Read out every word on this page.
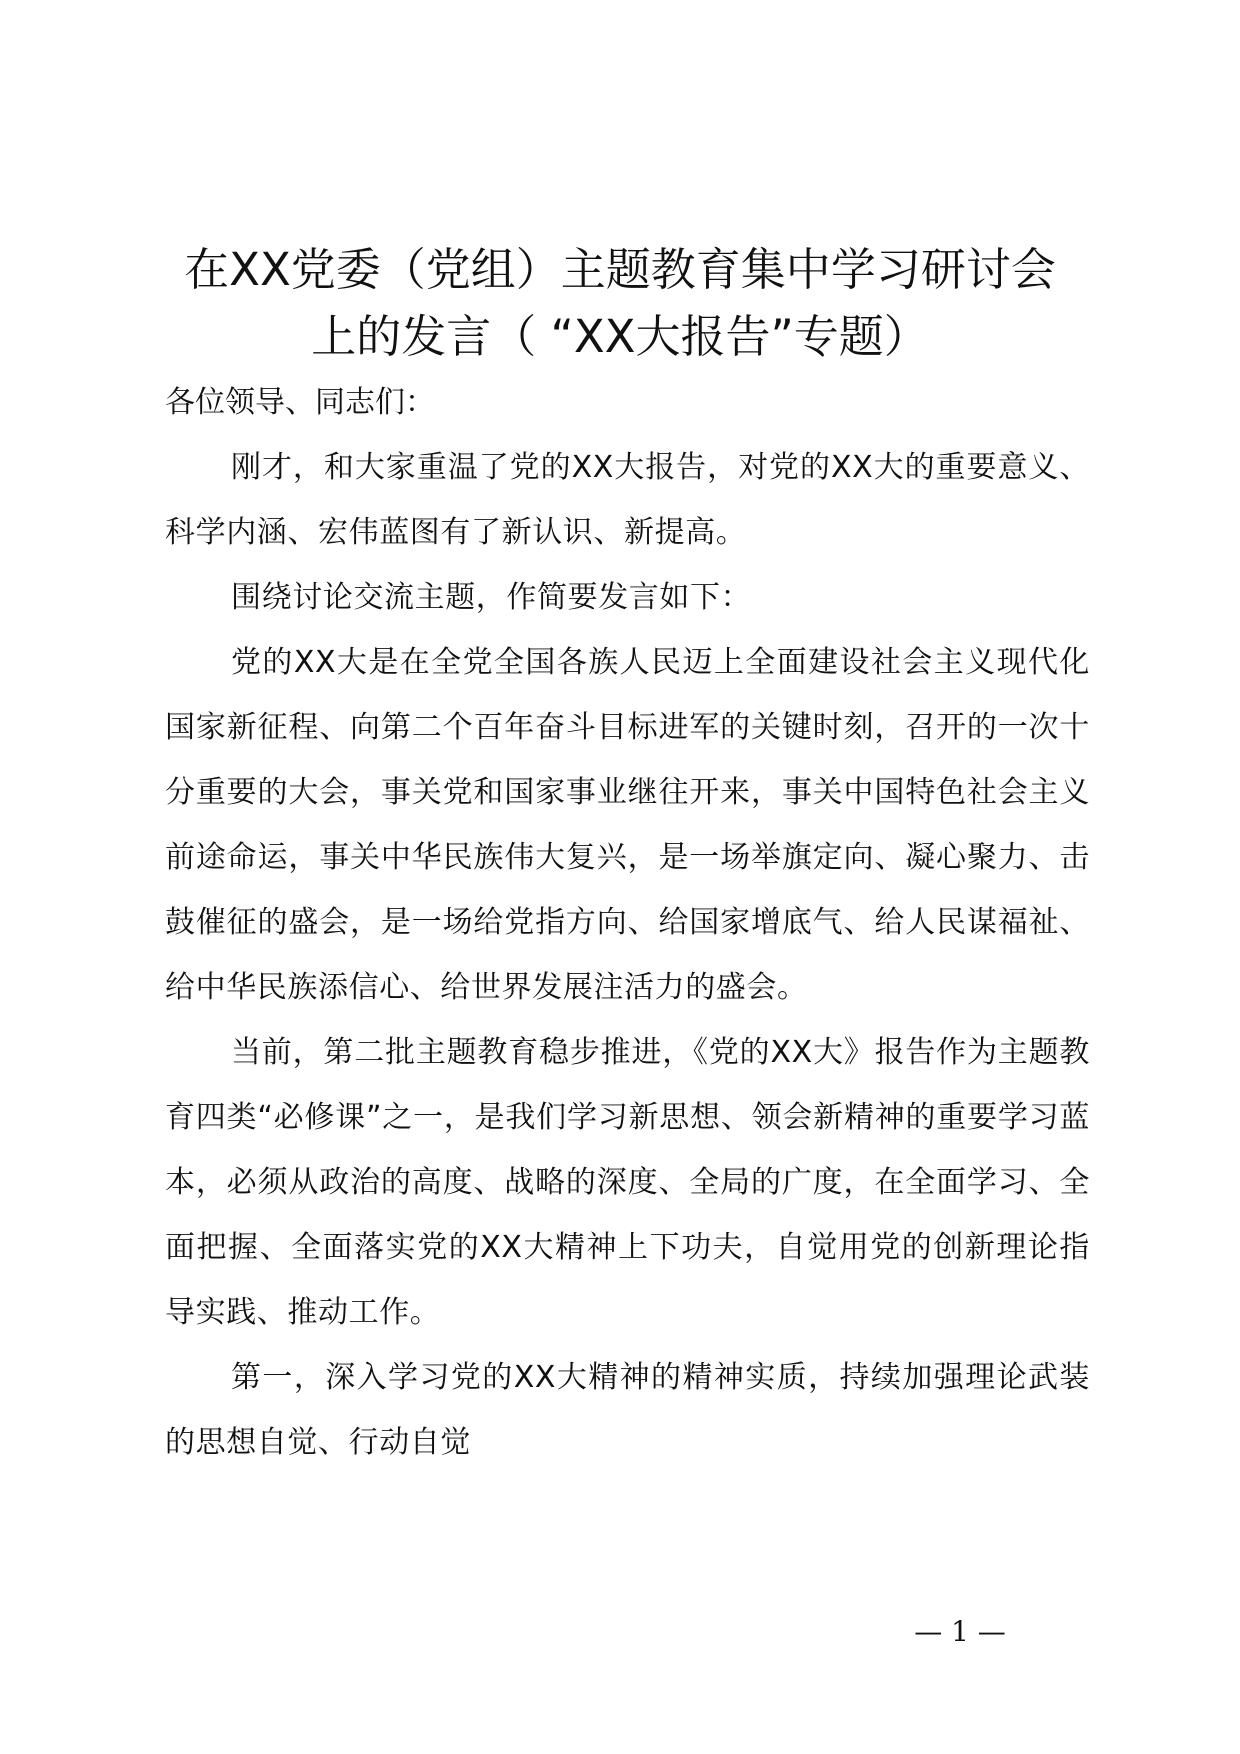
在XX党委（党组）主题教育集中学习研讨会
上的发言（ “XX大报告”专题）

各位领导、同志们：

刚才，和大家重温了党的XX大报告，对党的XX大的重要意义、科学内涵、宏伟蓝图有了新认识、新提高。

围绕讨论交流主题，作简要发言如下：

党的XX大是在全党全国各族人民迈上全面建设社会主义现代化国家新征程、向第二个百年奋斗目标进军的关键时刻，召开的一次十分重要的大会，事关党和国家事业继往开来，事关中国特色社会主义前途命运，事关中华民族伟大复兴，是一场举旗定向、凝心聚力、击鼓催征的盛会，是一场给党指方向、给国家增底气、给人民谋福祉、给中华民族添信心、给世界发展注活力的盛会。

当前，第二批主题教育稳步推进，《党的XX大》报告作为主题教育四类“必修课”之一，是我们学习新思想、领会新精神的重要学习蓝本，必须从政治的高度、战略的深度、全局的广度，在全面学习、全面把握、全面落实党的XX大精神上下功夫，自觉用党的创新理论指导实践、推动工作。

第一，深入学习党的XX大精神的精神实质，持续加强理论武装的思想自觉、行动自觉

— 1 —
